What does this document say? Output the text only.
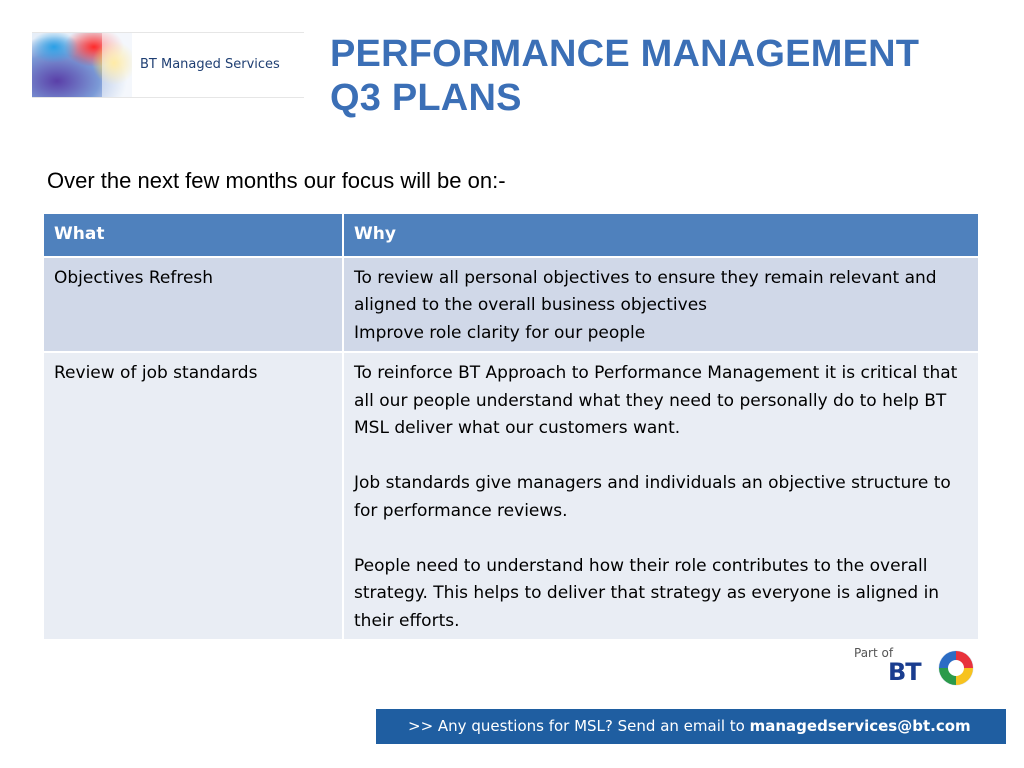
BT Managed Services PERFORMANCE MANAGEMENT
Q3 PLANS
Over the next few months our focus will be on:-
What	Why
Objectives Refresh	To review all personal objectives to ensure they remain relevant and aligned to the overall business objectives

Improve role clarity for our people

Review of job standards	To reinforce BT Approach to Performance Management it is critical that all our people understand what they need to personally do to help BT MSL deliver what our customers want.

Job standards give managers and individuals an objective structure to for performance reviews.

People need to understand how their role contributes to the overall strategy. This helps to deliver that strategy as everyone is aligned in their efforts.

Part of
BT
>> Any questions for MSL? Send an email to managedservices@bt.com
